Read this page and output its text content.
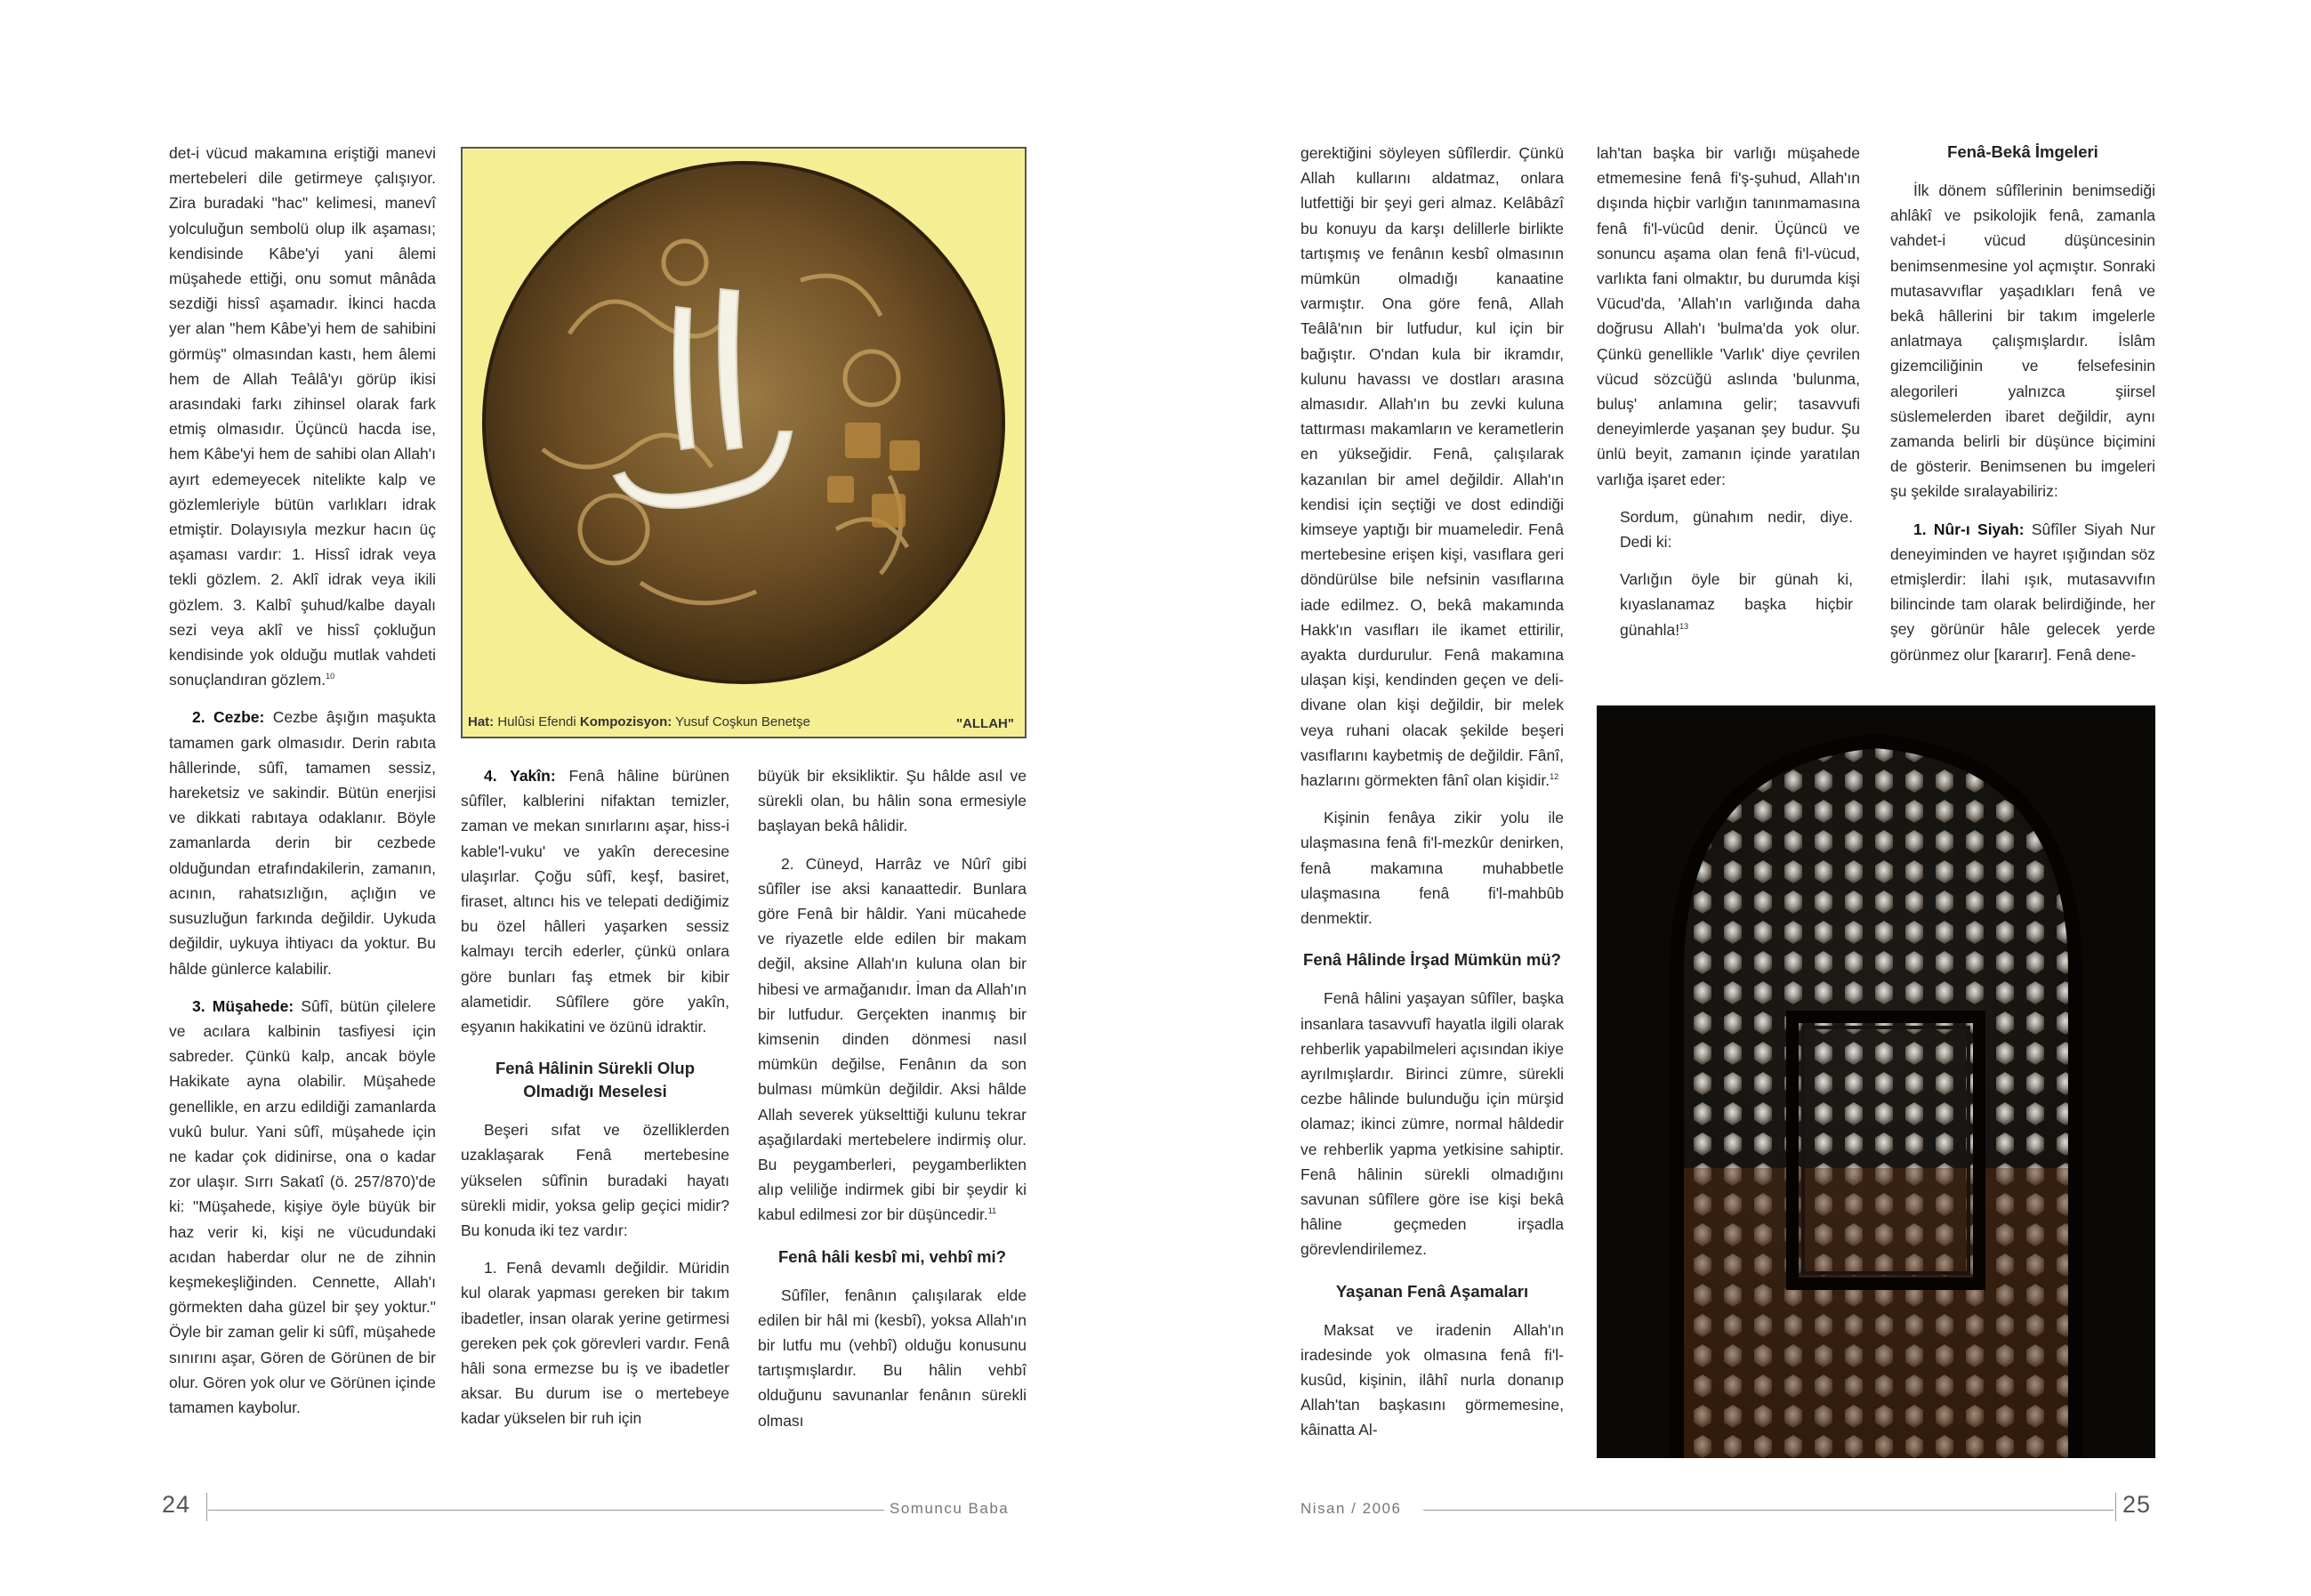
det-i vücud makamına eriştiği manevi mertebeleri dile getirmeye çalışıyor. Zira buradaki "hac" kelimesi, manevî yolculuğun sembolü olup ilk aşaması; kendisinde Kâbe'yi yani âlemi müşahede ettiği, onu somut mânâda sezdiği hissî aşamadır. İkinci hacda yer alan "hem Kâbe'yi hem de sahibini görmüş" olmasından kastı, hem âlemi hem de Allah Teâlâ'yı görüp ikisi arasındaki farkı zihinsel olarak fark etmiş olmasıdır. Üçüncü hacda ise, hem Kâbe'yi hem de sahibi olan Allah'ı ayırt edemeyecek nitelikte kalp ve gözlemleriyle bütün varlıkları idrak etmiştir. Dolayısıyla mezkur hacın üç aşaması vardır: 1. Hissî idrak veya tekli gözlem. 2. Aklî idrak veya ikili gözlem. 3. Kalbî şuhud/kalbe dayalı sezi veya aklî ve hissî çokluğun kendisinde yok olduğu mutlak vahdeti sonuçlandıran gözlem.$^{10}$

2. Cezbe: Cezbe âşığın maşukta tamamen gark olmasıdır. Derin rabıta hâllerinde, sûfî, tamamen sessiz, hareketsiz ve sakindir. Bütün enerjisi ve dikkati rabıtaya odaklanır. Böyle zamanlarda derin bir cezbede olduğundan etrafındakilerin, zamanın, acının, rahatsızlığın, açlığın ve susuzluğun farkında değildir. Uykuda değildir, uykuya ihtiyacı da yoktur. Bu hâlde günlerce kalabilir.

3. Müşahede: Sûfî, bütün çilelere ve acılara kalbinin tasfiyesi için sabreder. Çünkü kalp, ancak böyle Hakikate ayna olabilir. Müşahede genellikle, en arzu edildiği zamanlarda vukû bulur. Yani sûfî, müşahede için ne kadar çok didinirse, ona o kadar zor ulaşır. Sırrı Sakatî (ö. 257/870)'de ki: "Müşahede, kişiye öyle büyük bir haz verir ki, kişi ne vücudundaki acıdan haberdar olur ne de zihnin keşmekeşliğinden. Cennette, Allah'ı görmekten daha güzel bir şey yoktur." Öyle bir zaman gelir ki sûfî, müşahede sınırını aşar, Gören de Görünen de bir olur. Gören yok olur ve Görünen içinde tamamen kaybolur.

Hat: Hulûsi Efendi Kompozisyon: Yusuf Coşkun Benetşe	"ALLAH"

4. Yakîn: Fenâ hâline bürünen sûfîler, kalblerini nifaktan temizler, zaman ve mekan sınırlarını aşar, hiss-i kable'l-vuku' ve yakîn derecesine ulaşırlar. Çoğu sûfî, keşf, basiret, firaset, altıncı his ve telepati dediğimiz bu özel hâlleri yaşarken sessiz kalmayı tercih ederler, çünkü onlara göre bunları faş etmek bir kibir alametidir. Sûfîlere göre yakîn, eşyanın hakikatini ve özünü idraktir.

Fenâ Hâlinin Sürekli Olup Olmadığı Meselesi

Beşeri sıfat ve özelliklerden uzaklaşarak Fenâ mertebesine yükselen sûfînin buradaki hayatı sürekli midir, yoksa gelip geçici midir? Bu konuda iki tez vardır:

1. Fenâ devamlı değildir. Müridin kul olarak yapması gereken bir takım ibadetler, insan olarak yerine getirmesi gereken pek çok görevleri vardır. Fenâ hâli sona ermezse bu iş ve ibadetler aksar. Bu durum ise o mertebeye kadar yükselen bir ruh için

büyük bir eksikliktir. Şu hâlde asıl ve sürekli olan, bu hâlin sona ermesiyle başlayan bekâ hâlidir.

2. Cüneyd, Harrâz ve Nûrî gibi sûfîler ise aksi kanaattedir. Bunlara göre Fenâ bir hâldir. Yani mücahede ve riyazetle elde edilen bir makam değil, aksine Allah'ın kuluna olan bir hibesi ve armağanıdır. İman da Allah'ın bir lutfudur. Gerçekten inanmış bir kimsenin dinden dönmesi nasıl mümkün değilse, Fenânın da son bulması mümkün değildir. Aksi hâlde Allah severek yükselttiği kulunu tekrar aşağılardaki mertebelere indirmiş olur. Bu peygamberleri, peygamberlikten alıp veliliğe indirmek gibi bir şeydir ki kabul edilmesi zor bir düşüncedir.$^{11}$

Fenâ hâli kesbî mi, vehbî mi?

Sûfîler, fenânın çalışılarak elde edilen bir hâl mi (kesbî), yoksa Allah'ın bir lutfu mu (vehbî) olduğu konusunu tartışmışlardır. Bu hâlin vehbî olduğunu savunanlar fenânın sürekli olması

24	Somuncu Baba

gerektiğini söyleyen sûfîlerdir. Çünkü Allah kullarını aldatmaz, onlara lutfettiği bir şeyi geri almaz. Kelâbâzî bu konuyu da karşı delillerle birlikte tartışmış ve fenânın kesbî olmasının mümkün olmadığı kanaatine varmıştır. Ona göre fenâ, Allah Teâlâ'nın bir lutfudur, kul için bir bağıştır. O'ndan kula bir ikramdır, kulunu havassı ve dostları arasına almasıdır. Allah'ın bu zevki kuluna tattırması makamların ve kerametlerin en yükseğidir. Fenâ, çalışılarak kazanılan bir amel değildir. Allah'ın kendisi için seçtiği ve dost edindiği kimseye yaptığı bir muameledir. Fenâ mertebesine erişen kişi, vasıflara geri döndürülse bile nefsinin vasıflarına iade edilmez. O, bekâ makamında Hakk'ın vasıfları ile ikamet ettirilir, ayakta durdurulur. Fenâ makamına ulaşan kişi, kendinden geçen ve deli-divane olan kişi değildir, bir melek veya ruhani olacak şekilde beşeri vasıflarını kaybetmiş de değildir. Fânî, hazlarını görmekten fânî olan kişidir.$^{12}$

Kişinin fenâya zikir yolu ile ulaşmasına fenâ fi'l-mezkûr denirken, fenâ makamına muhabbetle ulaşmasına fenâ fi'l-mahbûb denmektir.

Fenâ Hâlinde İrşad Mümkün mü?

Fenâ hâlini yaşayan sûfîler, başka insanlara tasavvufî hayatla ilgili olarak rehberlik yapabilmeleri açısından ikiye ayrılmışlardır. Birinci zümre, sürekli cezbe hâlinde bulunduğu için mürşid olamaz; ikinci zümre, normal hâldedir ve rehberlik yapma yetkisine sahiptir. Fenâ hâlinin sürekli olmadığını savunan sûfîlere göre ise kişi bekâ hâline geçmeden irşadla görevlendirilemez.

Yaşanan Fenâ Aşamaları

Maksat ve iradenin Allah'ın iradesinde yok olmasına fenâ fi'l-kusûd, kişinin, ilâhî nurla donanıp Allah'tan başkasını görmemesine, kâinatta Al-

lah'tan başka bir varlığı müşahede etmemesine fenâ fi'ş-şuhud, Allah'ın dışında hiçbir varlığın tanınmamasına fenâ fi'l-vücûd denir. Üçüncü ve sonuncu aşama olan fenâ fi'l-vücud, varlıkta fani olmaktır, bu durumda kişi Vücud'da, 'Allah'ın varlığında daha doğrusu Allah'ı 'bulma'da yok olur. Çünkü genellikle 'Varlık' diye çevrilen vücud sözcüğü aslında 'bulunma, buluş' anlamına gelir; tasavvufi deneyimlerde yaşanan şey budur. Şu ünlü beyit, zamanın içinde yaratılan varlığa işaret eder:

Sordum, günahım nedir, diye. Dedi ki:

Varlığın öyle bir günah ki, kıyaslanamaz başka hiçbir günahla!$^{13}$

Fenâ-Bekâ İmgeleri

İlk dönem sûfîlerinin benimsediği ahlâkî ve psikolojik fenâ, zamanla vahdet-i vücud düşüncesinin benimsenmesine yol açmıştır. Sonraki mutasavvıflar yaşadıkları fenâ ve bekâ hâllerini bir takım imgelerle anlatmaya çalışmışlardır. İslâm gizemciliğinin ve felsefesinin alegorileri yalnızca şiirsel süslemelerden ibaret değildir, aynı zamanda belirli bir düşünce biçimini de gösterir. Benimsenen bu imgeleri şu şekilde sıralayabiliriz:

1. Nûr-ı Siyah: Sûfîler Siyah Nur deneyiminden ve hayret ışığından söz etmişlerdir: İlahi ışık, mutasavvıfın bilincinde tam olarak belirdiğinde, her şey görünür hâle gelecek yerde görünmez olur [kararır]. Fenâ dene-

Nisan / 2006	25
